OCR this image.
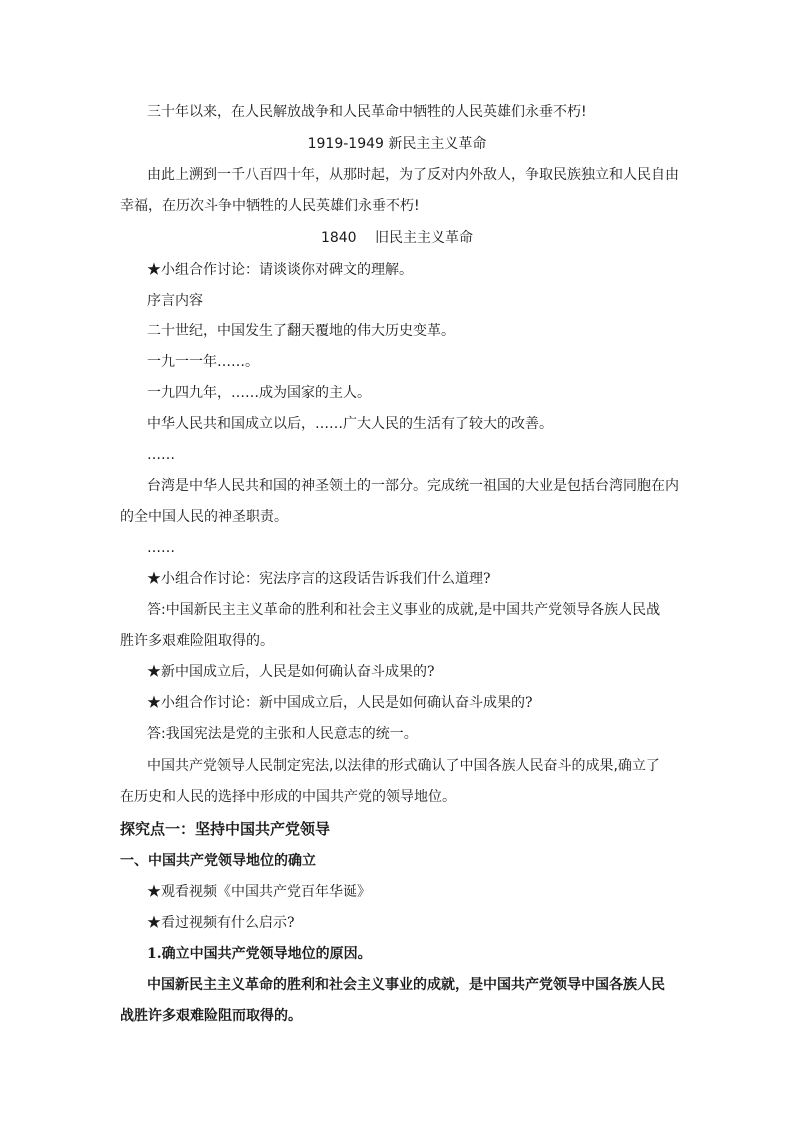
三十年以来，在人民解放战争和人民革命中牺牲的人民英雄们永垂不朽!
1919-1949 新民主主义革命
由此上溯到一千八百四十年，从那时起，为了反对内外敌人，争取民族独立和人民自由
幸福，在历次斗争中牺牲的人民英雄们永垂不朽!
1840　 旧民主主义革命
★小组合作讨论：请谈谈你对碑文的理解。
序言内容
二十世纪，中国发生了翻天覆地的伟大历史变革。
一九一一年……。
一九四九年，……成为国家的主人。
中华人民共和国成立以后，……广大人民的生活有了较大的改善。
……
台湾是中华人民共和国的神圣领土的一部分。完成统一祖国的大业是包括台湾同胞在内
的全中国人民的神圣职责。
……
★小组合作讨论：宪法序言的这段话告诉我们什么道理?
答:中国新民主主义革命的胜利和社会主义事业的成就,是中国共产党领导各族人民战
胜许多艰难险阻取得的。
★新中国成立后，人民是如何确认奋斗成果的?
★小组合作讨论：新中国成立后，人民是如何确认奋斗成果的?
答:我国宪法是党的主张和人民意志的统一。
中国共产党领导人民制定宪法,以法律的形式确认了中国各族人民奋斗的成果,确立了
在历史和人民的选择中形成的中国共产党的领导地位。
探究点一：坚持中国共产党领导
一、中国共产党领导地位的确立
★观看视频《中国共产党百年华诞》
★看过视频有什么启示?
1.确立中国共产党领导地位的原因。
中国新民主主义革命的胜利和社会主义事业的成就，是中国共产党领导中国各族人民
战胜许多艰难险阻而取得的。
